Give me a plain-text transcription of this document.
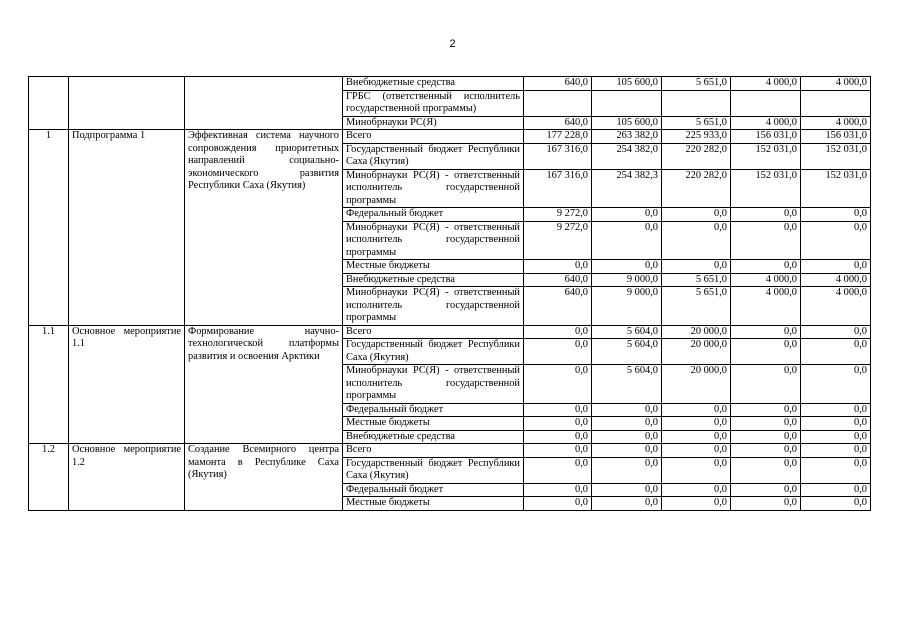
2
			Внебюджетные средства	640,0	105 600,0	5 651,0	4 000,0	4 000,0
			ГРБС (ответственный исполнитель государственной программы)					
			Минобрнауки РС(Я)	640,0	105 600,0	5 651,0	4 000,0	4 000,0
1	Подпрограмма 1	Эффективная система научного сопровождения приоритетных направлений социально-экономического развития Республики Саха (Якутия)	Всего	177 228,0	263 382,0	225 933,0	156 031,0	156 031,0
			Государственный бюджет Республики Саха (Якутия)	167 316,0	254 382,0	220 282,0	152 031,0	152 031,0
			Минобрнауки РС(Я) - ответственный исполнитель государственной программы	167 316,0	254 382,3	220 282,0	152 031,0	152 031,0
			Федеральный бюджет	9 272,0	0,0	0,0	0,0	0,0
			Минобрнауки РС(Я) - ответственный исполнитель государственной программы	9 272,0	0,0	0,0	0,0	0,0
			Местные бюджеты	0,0	0,0	0,0	0,0	0,0
			Внебюджетные средства	640,0	9 000,0	5 651,0	4 000,0	4 000,0
			Минобрнауки РС(Я) - ответственный исполнитель государственной программы	640,0	9 000,0	5 651,0	4 000,0	4 000,0
1.1	Основное мероприятие 1.1	Формирование научно-технологической платформы развития и освоения Арктики	Всего	0,0	5 604,0	20 000,0	0,0	0,0
			Государственный бюджет Республики Саха (Якутия)	0,0	5 604,0	20 000,0	0,0	0,0
			Минобрнауки РС(Я) - ответственный исполнитель государственной программы	0,0	5 604,0	20 000,0	0,0	0,0
			Федеральный бюджет	0,0	0,0	0,0	0,0	0,0
			Местные бюджеты	0,0	0,0	0,0	0,0	0,0
			Внебюджетные средства	0,0	0,0	0,0	0,0	0,0
1.2	Основное мероприятие 1.2	Создание Всемирного центра мамонта в Республике Саха (Якутия)	Всего	0,0	0,0	0,0	0,0	0,0
			Государственный бюджет Республики Саха (Якутия)	0,0	0,0	0,0	0,0	0,0
			Федеральный бюджет	0,0	0,0	0,0	0,0	0,0
			Местные бюджеты	0,0	0,0	0,0	0,0	0,0
